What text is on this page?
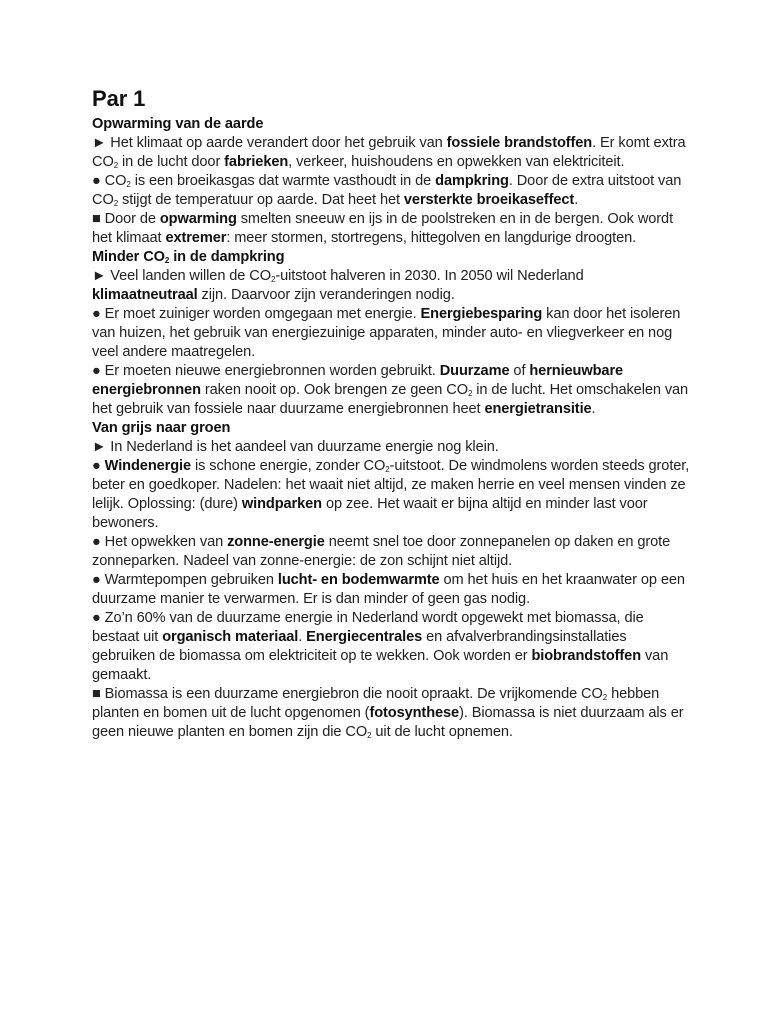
Par 1
Opwarming van de aarde
► Het klimaat op aarde verandert door het gebruik van fossiele brandstoffen. Er komt extra $CO_2$ in de lucht door fabrieken, verkeer, huishoudens en opwekken van elektriciteit.
● $CO_2$ is een broeikasgas dat warmte vasthoudt in de dampkring. Door de extra uitstoot van $CO_2$ stijgt de temperatuur op aarde. Dat heet het versterkte broeikaseffect.
■ Door de opwarming smelten sneeuw en ijs in de poolstreken en in de bergen. Ook wordt het klimaat extremer: meer stormen, stortregens, hittegolven en langdurige droogten.
Minder $CO_2$ in de dampkring
► Veel landen willen de $CO_2$-uitstoot halveren in 2030. In 2050 wil Nederland klimaatneutraal zijn. Daarvoor zijn veranderingen nodig.
● Er moet zuiniger worden omgegaan met energie. Energiebesparing kan door het isoleren van huizen, het gebruik van energiezuinige apparaten, minder auto- en vliegverkeer en nog veel andere maatregelen.
● Er moeten nieuwe energiebronnen worden gebruikt. Duurzame of hernieuwbare energiebronnen raken nooit op. Ook brengen ze geen $CO_2$ in de lucht. Het omschakelen van het gebruik van fossiele naar duurzame energiebronnen heet energietransitie.
Van grijs naar groen
► In Nederland is het aandeel van duurzame energie nog klein.
● Windenergie is schone energie, zonder $CO_2$-uitstoot. De windmolens worden steeds groter, beter en goedkoper. Nadelen: het waait niet altijd, ze maken herrie en veel mensen vinden ze lelijk. Oplossing: (dure) windparken op zee. Het waait er bijna altijd en minder last voor bewoners.
● Het opwekken van zonne-energie neemt snel toe door zonnepanelen op daken en grote zonneparken. Nadeel van zonne-energie: de zon schijnt niet altijd.
● Warmtepompen gebruiken lucht- en bodemwarmte om het huis en het kraanwater op een duurzame manier te verwarmen. Er is dan minder of geen gas nodig.
● Zo’n 60% van de duurzame energie in Nederland wordt opgewekt met biomassa, die bestaat uit organisch materiaal. Energiecentrales en afvalverbrandingsinstallaties gebruiken de biomassa om elektriciteit op te wekken. Ook worden er biobrandstoffen van gemaakt.
■ Biomassa is een duurzame energiebron die nooit opraakt. De vrijkomende $CO_2$ hebben planten en bomen uit de lucht opgenomen (fotosynthese). Biomassa is niet duurzaam als er geen nieuwe planten en bomen zijn die $CO_2$ uit de lucht opnemen.
